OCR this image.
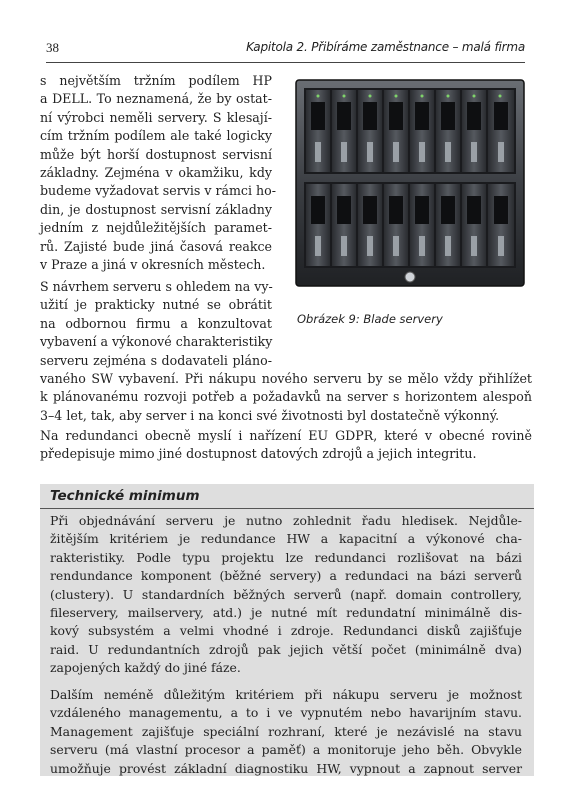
38	Kapitola 2. Přibíráme zaměstnance – malá firma
s největším tržním podílem HP
a DELL. To neznamená, že by ostat-
ní výrobci neměli servery. S klesají-
cím tržním podílem ale také logicky
může být horší dostupnost servisní
základny. Zejména v okamžiku, kdy
budeme vyžadovat servis v rámci ho-
din, je dostupnost servisní základny
jedním z nejdůležitějších paramet-
rů. Zajisté bude jiná časová reakce
v Praze a jiná v okresních městech.
S návrhem serveru s ohledem na vy-
užití je prakticky nutné se obrátit
na odbornou firmu a konzultovat
vybavení a výkonové charakteristiky
serveru zejména s dodavateli pláno-
vaného SW vybavení. Při nákupu nového serveru by se mělo vždy přihlížet
k plánovanému rozvoji potřeb a požadavků na server s horizontem alespoň
3–4 let, tak, aby server i na konci své životnosti byl dostatečně výkonný.
Na redundanci obecně myslí i nařízení EU GDPR, které v obecné rovině
předepisuje mimo jiné dostupnost datových zdrojů a jejich integritu.
Obrázek 9: Blade servery
Technické minimum
Při objednávání serveru je nutno zohlednit řadu hledisek. Nejdůle-
žitějším kritériem je redundance HW a kapacitní a výkonové cha-
rakteristiky. Podle typu projektu lze redundanci rozlišovat na bázi
rendundance komponent (běžné servery) a redundaci na bázi serverů
(clustery). U standardních běžných serverů (např. domain controllery,
fileservery, mailservery, atd.) je nutné mít redundatní minimálně dis-
kový subsystém a velmi vhodné i zdroje. Redundanci disků zajišťuje
raid. U redundantních zdrojů pak jejich větší počet (minimálně dva)
zapojených každý do jiné fáze.
Dalším neméně důležitým kritériem při nákupu serveru je možnost
vzdáleného managementu, a to i ve vypnutém nebo havarijním stavu.
Management zajišťuje speciální rozhraní, které je nezávislé na stavu
serveru (má vlastní procesor a paměť) a monitoruje jeho běh. Obvykle
umožňuje provést základní diagnostiku HW, vypnout a zapnout server
